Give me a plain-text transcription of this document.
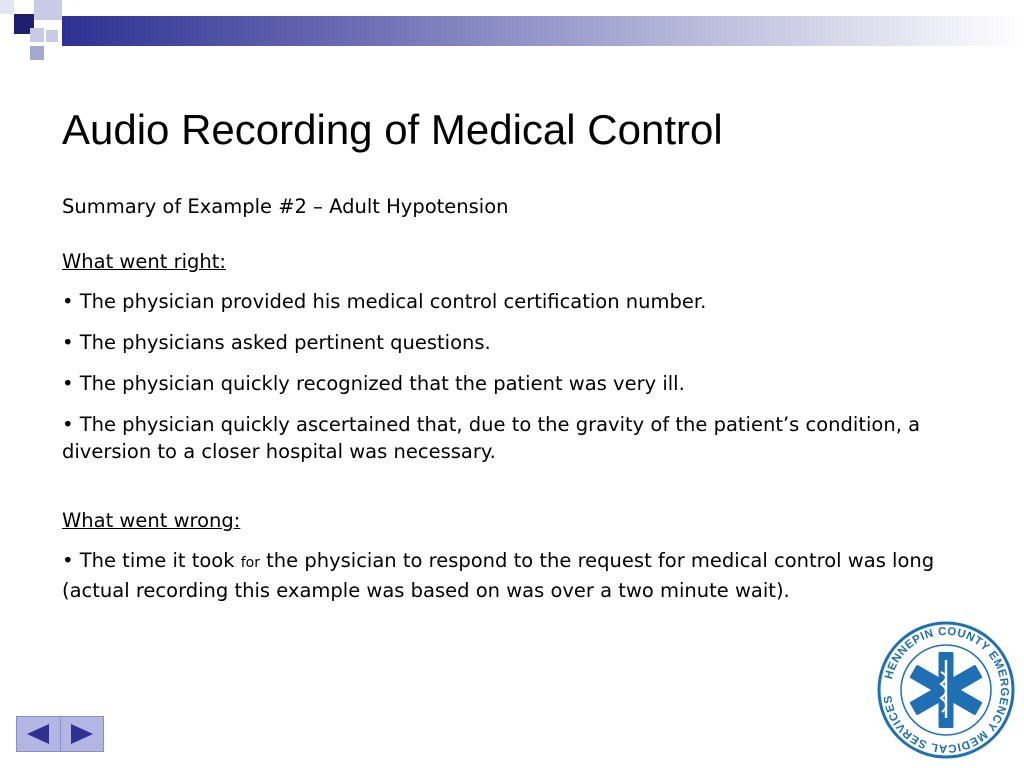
Audio Recording of Medical Control

Summary of Example #2 – Adult Hypotension

What went right:

• The physician provided his medical control certification number.

• The physicians asked pertinent questions.

• The physician quickly recognized that the patient was very ill.

• The physician quickly ascertained that, due to the gravity of the patient’s condition, a diversion to a closer hospital was necessary.

What went wrong:

• The time it took for the physician to respond to the request for medical control was long (actual recording this example was based on was over a two minute wait).

HENNEPIN COUNTY EMERGENCY MEDICAL SERVICES
